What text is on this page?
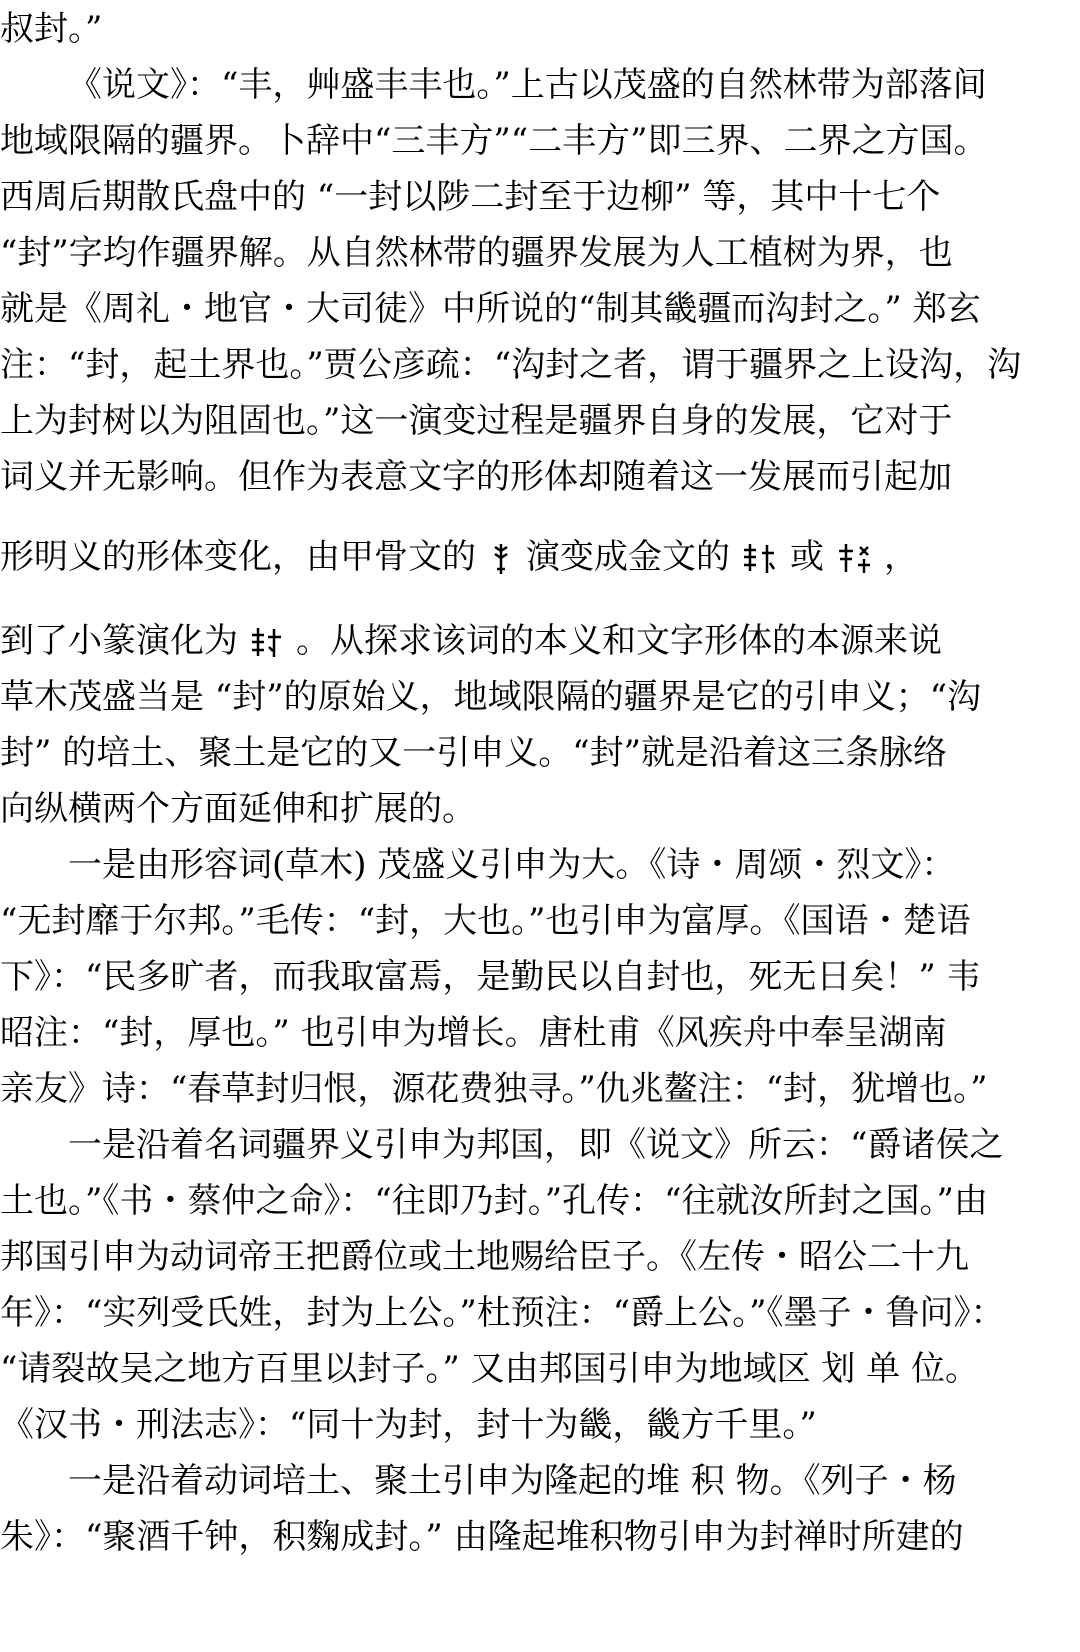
叔封。”
《说文》：“丰，艸盛丰丰也。”上古以茂盛的自然林带为部落间
地域限隔的疆界。卜辞中“三丰方”“二丰方”即三界、二界之方国。
西周后期散氏盘中的 “一封以陟二封至于边柳” 等，其中十七个
“封”字均作疆界解。从自然林带的疆界发展为人工植树为界，也
就是《周礼・地官・大司徒》中所说的“制其畿疆而沟封之。” 郑玄
注：“封，起土界也。”贾公彦疏：“沟封之者，谓于疆界之上设沟，沟
上为封树以为阻固也。”这一演变过程是疆界自身的发展，它对于
词义并无影响。但作为表意文字的形体却随着这一发展而引起加
形明义的形体变化，由甲骨文的 演变成金文的 或 ，
到了小篆演化为 。从探求该词的本义和文字形体的本源来说
草木茂盛当是 “封”的原始义，地域限隔的疆界是它的引申义；“沟
封” 的培土、聚土是它的又一引申义。“封”就是沿着这三条脉络
向纵横两个方面延伸和扩展的。
一是由形容词(草木) 茂盛义引申为大。《诗・周颂・烈文》：
“无封靡于尔邦。”毛传：“封，大也。”也引申为富厚。《国语・楚语
下》：“民多旷者，而我取富焉，是勤民以自封也，死无日矣！” 韦
昭注：“封，厚也。” 也引申为增长。唐杜甫《风疾舟中奉呈湖南
亲友》诗：“春草封归恨，源花费独寻。”仇兆鳌注：“封，犹增也。”
一是沿着名词疆界义引申为邦国，即《说文》所云：“爵诸侯之
土也。”《书・蔡仲之命》：“往即乃封。”孔传：“往就汝所封之国。”由
邦国引申为动词帝王把爵位或土地赐给臣子。《左传・昭公二十九
年》：“实列受氏姓，封为上公。”杜预注：“爵上公。”《墨子・鲁问》：
“请裂故吴之地方百里以封子。” 又由邦国引申为地域区 划 单 位。
《汉书・刑法志》：“同十为封，封十为畿，畿方千里。”
一是沿着动词培土、聚土引申为隆起的堆 积 物。《列子・杨
朱》：“聚酒千钟，积麴成封。” 由隆起堆积物引申为封禅时所建的
